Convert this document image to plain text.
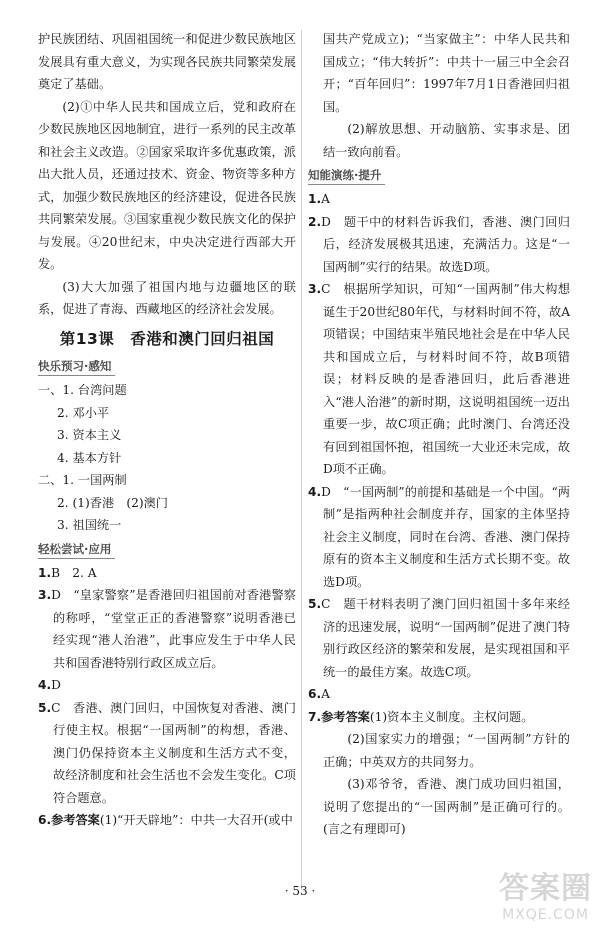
护民族团结、巩固祖国统一和促进少数民族地区发展具有重大意义，为实现各民族共同繁荣发展奠定了基础。

(2)①中华人民共和国成立后，党和政府在少数民族地区因地制宜，进行一系列的民主改革和社会主义改造。②国家采取许多优惠政策，派出大批人员，还通过技术、资金、物资等多种方式，加强少数民族地区的经济建设，促进各民族共同繁荣发展。③国家重视少数民族文化的保护与发展。④20世纪末，中央决定进行西部大开发。

(3)大大加强了祖国内地与边疆地区的联系，促进了青海、西藏地区的经济社会发展。

第13课　香港和澳门回归祖国
快乐预习·感知

一、1. 台湾问题

2. 邓小平

3. 资本主义

4. 基本方针

二、1. 一国两制

2. (1)香港　(2)澳门

3. 祖国统一

轻松尝试·应用

1.B　2. A

3.D　“皇家警察”是香港回归祖国前对香港警察的称呼，“堂堂正正的香港警察”说明香港已经实现“港人治港”，此事应发生于中华人民共和国香港特别行政区成立后。

4.D

5.C　香港、澳门回归，中国恢复对香港、澳门行使主权。根据“一国两制”的构想，香港、澳门仍保持资本主义制度和生活方式不变，故经济制度和社会生活也不会发生变化。C项符合题意。

6.参考答案(1)“开天辟地”：中共一大召开(或中

国共产党成立)；“当家做主”：中华人民共和国成立；“伟大转折”：中共十一届三中全会召开；“百年回归”：1997年7月1日香港回归祖国。

(2)解放思想、开动脑筋、实事求是、团结一致向前看。

知能演练·提升

1.A

2.D　题干中的材料告诉我们，香港、澳门回归后，经济发展极其迅速，充满活力。这是“一国两制”实行的结果。故选D项。

3.C　根据所学知识，可知“一国两制”伟大构想诞生于20世纪80年代，与材料时间不符，故A项错误；中国结束半殖民地社会是在中华人民共和国成立后，与材料时间不符，故B项错误；材料反映的是香港回归，此后香港进入“港人治港”的新时期，这说明祖国统一迈出重要一步，故C项正确；此时澳门、台湾还没有回到祖国怀抱，祖国统一大业还未完成，故D项不正确。

4.D　“一国两制”的前提和基础是一个中国。“两制”是指两种社会制度并存，国家的主体坚持社会主义制度，同时在台湾、香港、澳门保持原有的资本主义制度和生活方式长期不变。故选D项。

5.C　题干材料表明了澳门回归祖国十多年来经济的迅速发展，说明“一国两制”促进了澳门特别行政区经济的繁荣和发展，是实现祖国和平统一的最佳方案。故选C项。

6.A

7.参考答案(1)资本主义制度。主权问题。

(2)国家实力的增强；“一国两制”方针的正确；中英双方的共同努力。

(3)邓爷爷，香港、澳门成功回归祖国，说明了您提出的“一国两制”是正确可行的。(言之有理即可)

· 53 ·	答案圈
MXQE.COM
